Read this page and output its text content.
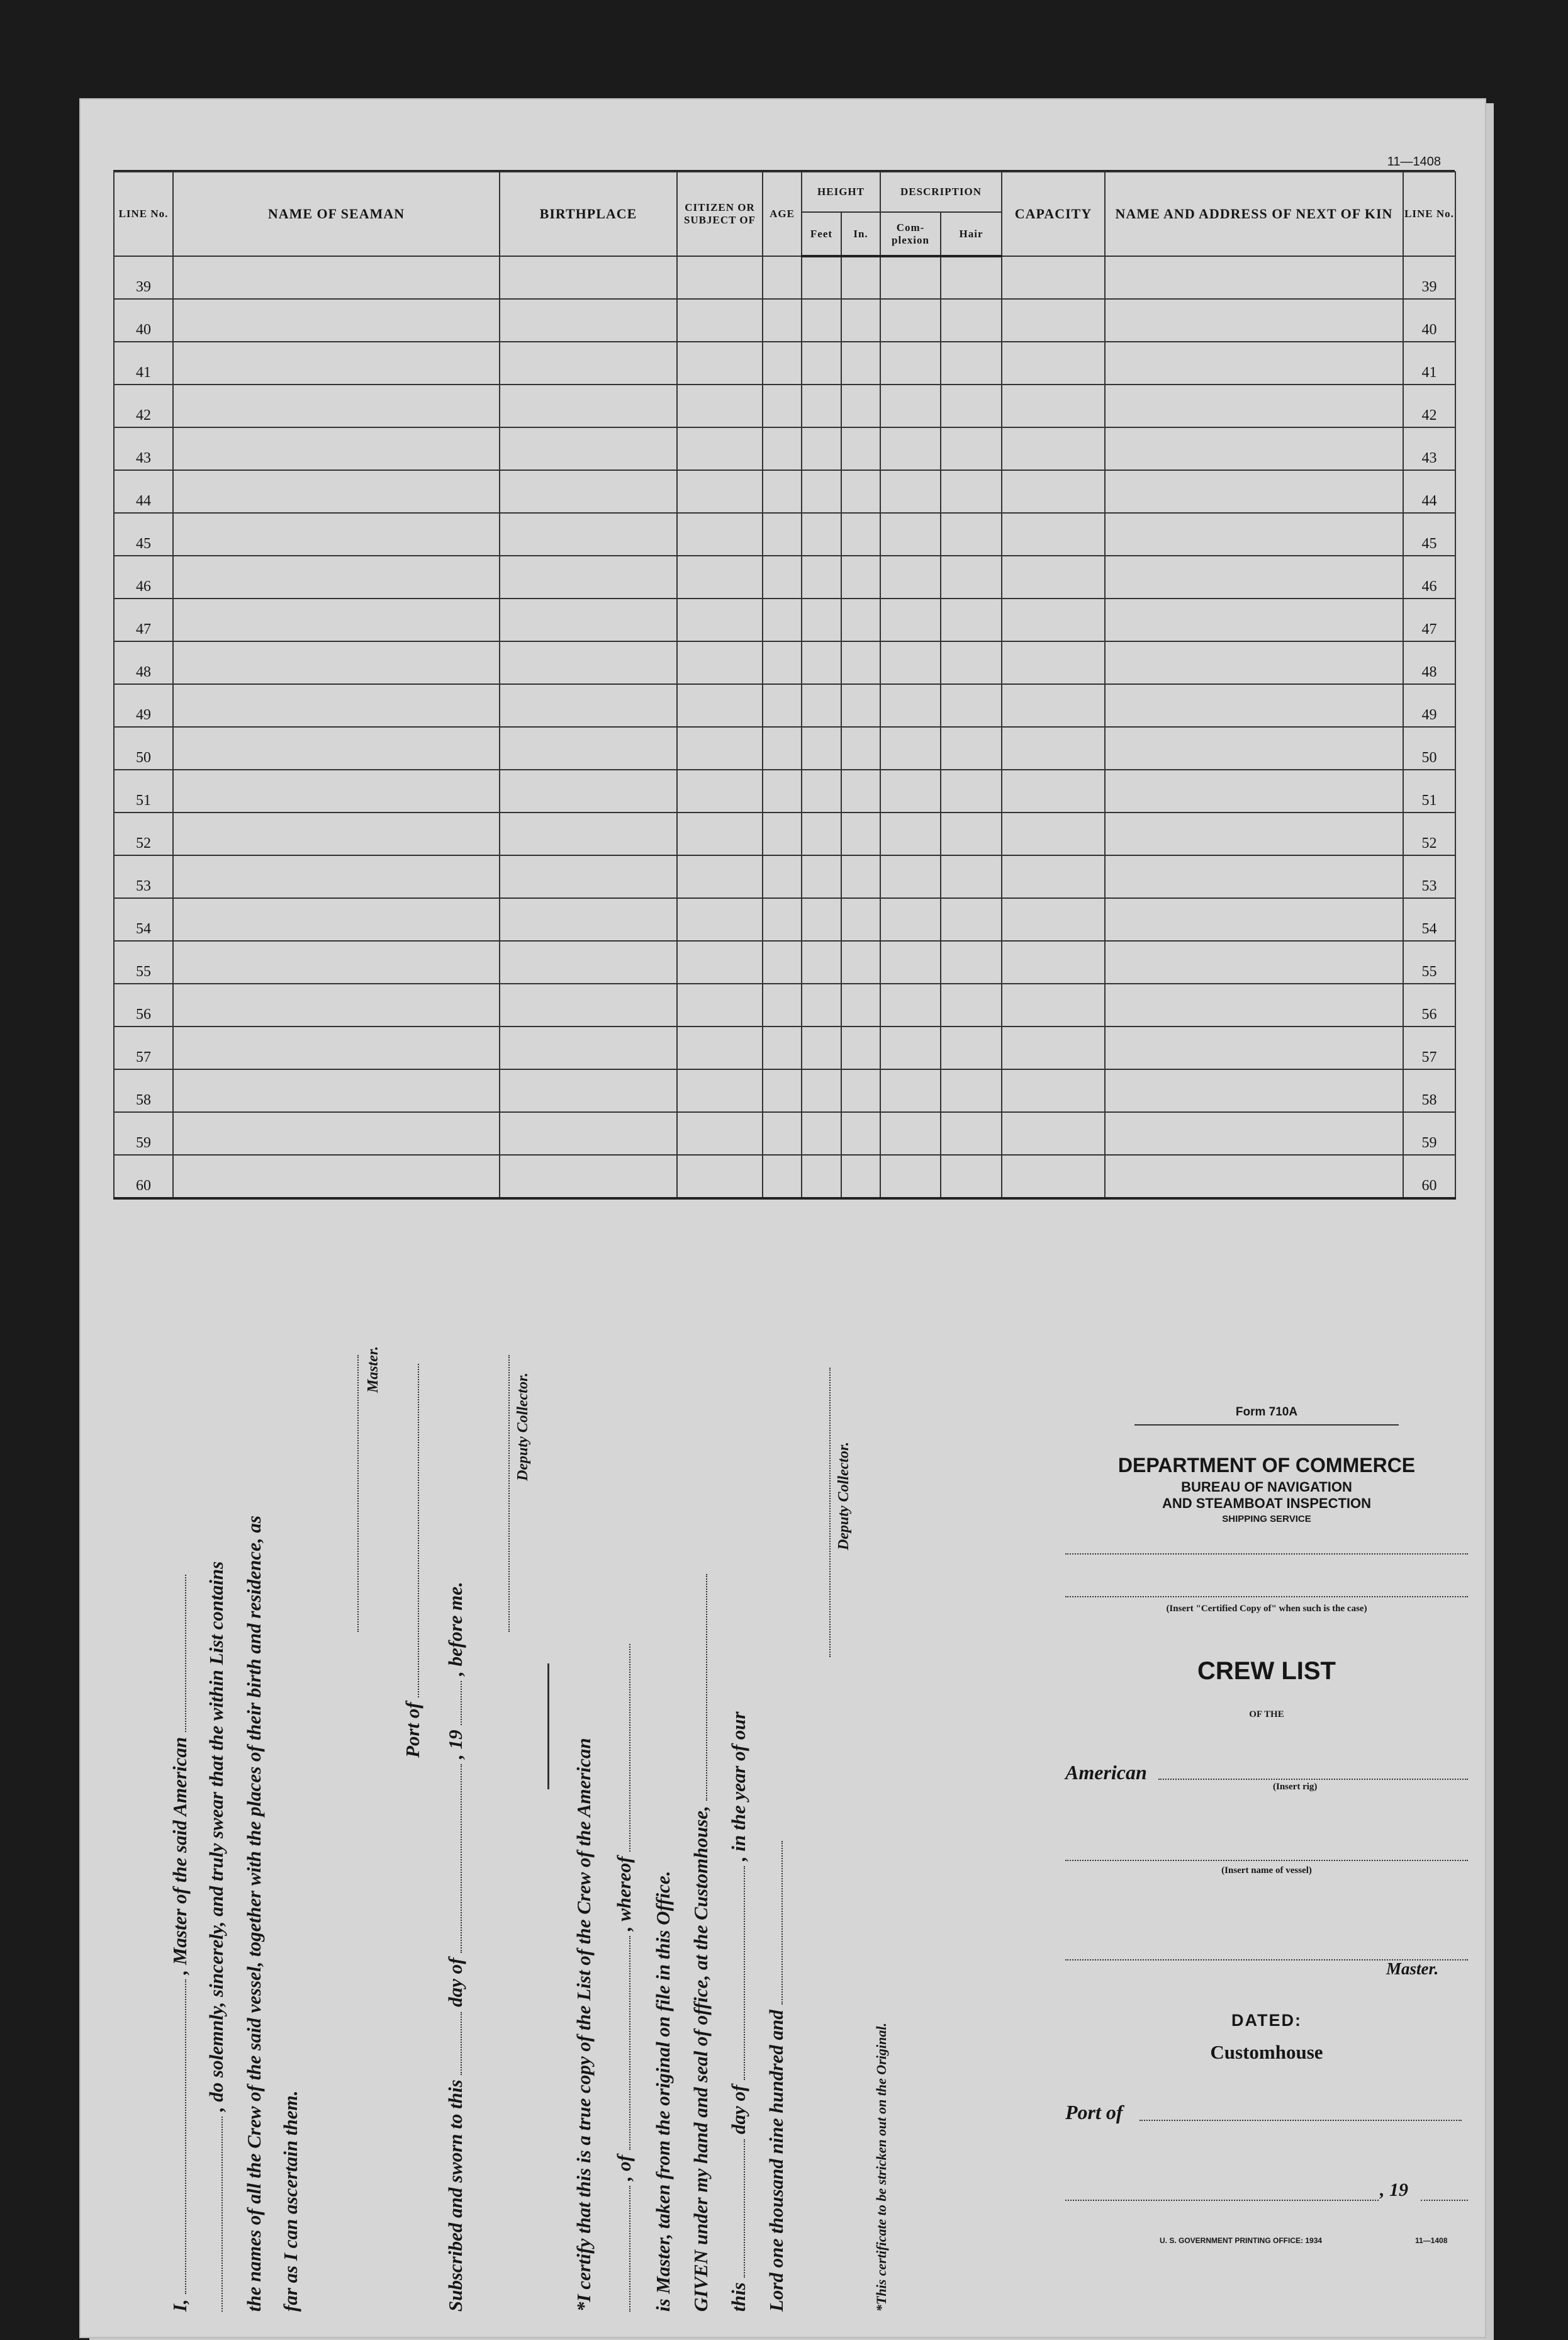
11—1408
LINE No.	NAME OF SEAMAN	BIRTHPLACE	CITIZEN OR SUBJECT OF	AGE	HEIGHT		DESCRIPTION		CAPACITY	NAME AND ADDRESS OF NEXT OF KIN	LINE No.
					Feet	In.	Com- plexion	Hair			
39											39
40											40
41											41
42											42
43											43
44											44
45											45
46											46
47											47
48											48
49											49
50											50
51											51
52											52
53											53
54											54
55											55
56											56
57											57
58											58
59											59
60											60
I,  , Master of the said American , do solemnly, sincerely, and truly swear that the within List contains the names of all the Crew of the said vessel, together with the places of their birth and residence, as far as I can ascertain them.
Master.
Port of
Subscribed and sworn to this  day of  , 19  , before me.
Deputy Collector.
*I certify that this is a true copy of the List of the Crew of the American , of  , whereof is Master, taken from the original on file in this Office. GIVEN under my hand and seal of office, at the Customhouse, this  day of  , in the year of our
Lord one thousand nine hundred and
Deputy Collector.
*This certificate to be stricken out on the Original.
Form 710A
DEPARTMENT OF COMMERCE
BUREAU OF NAVIGATION
AND STEAMBOAT INSPECTION
SHIPPING SERVICE
(Insert "Certified Copy of" when such is the case)
CREW LIST
OF THE
American
(Insert rig)
(Insert name of vessel)
Master.
DATED:
Customhouse
Port of
, 19
U. S. GOVERNMENT PRINTING OFFICE: 1934	11—1408
